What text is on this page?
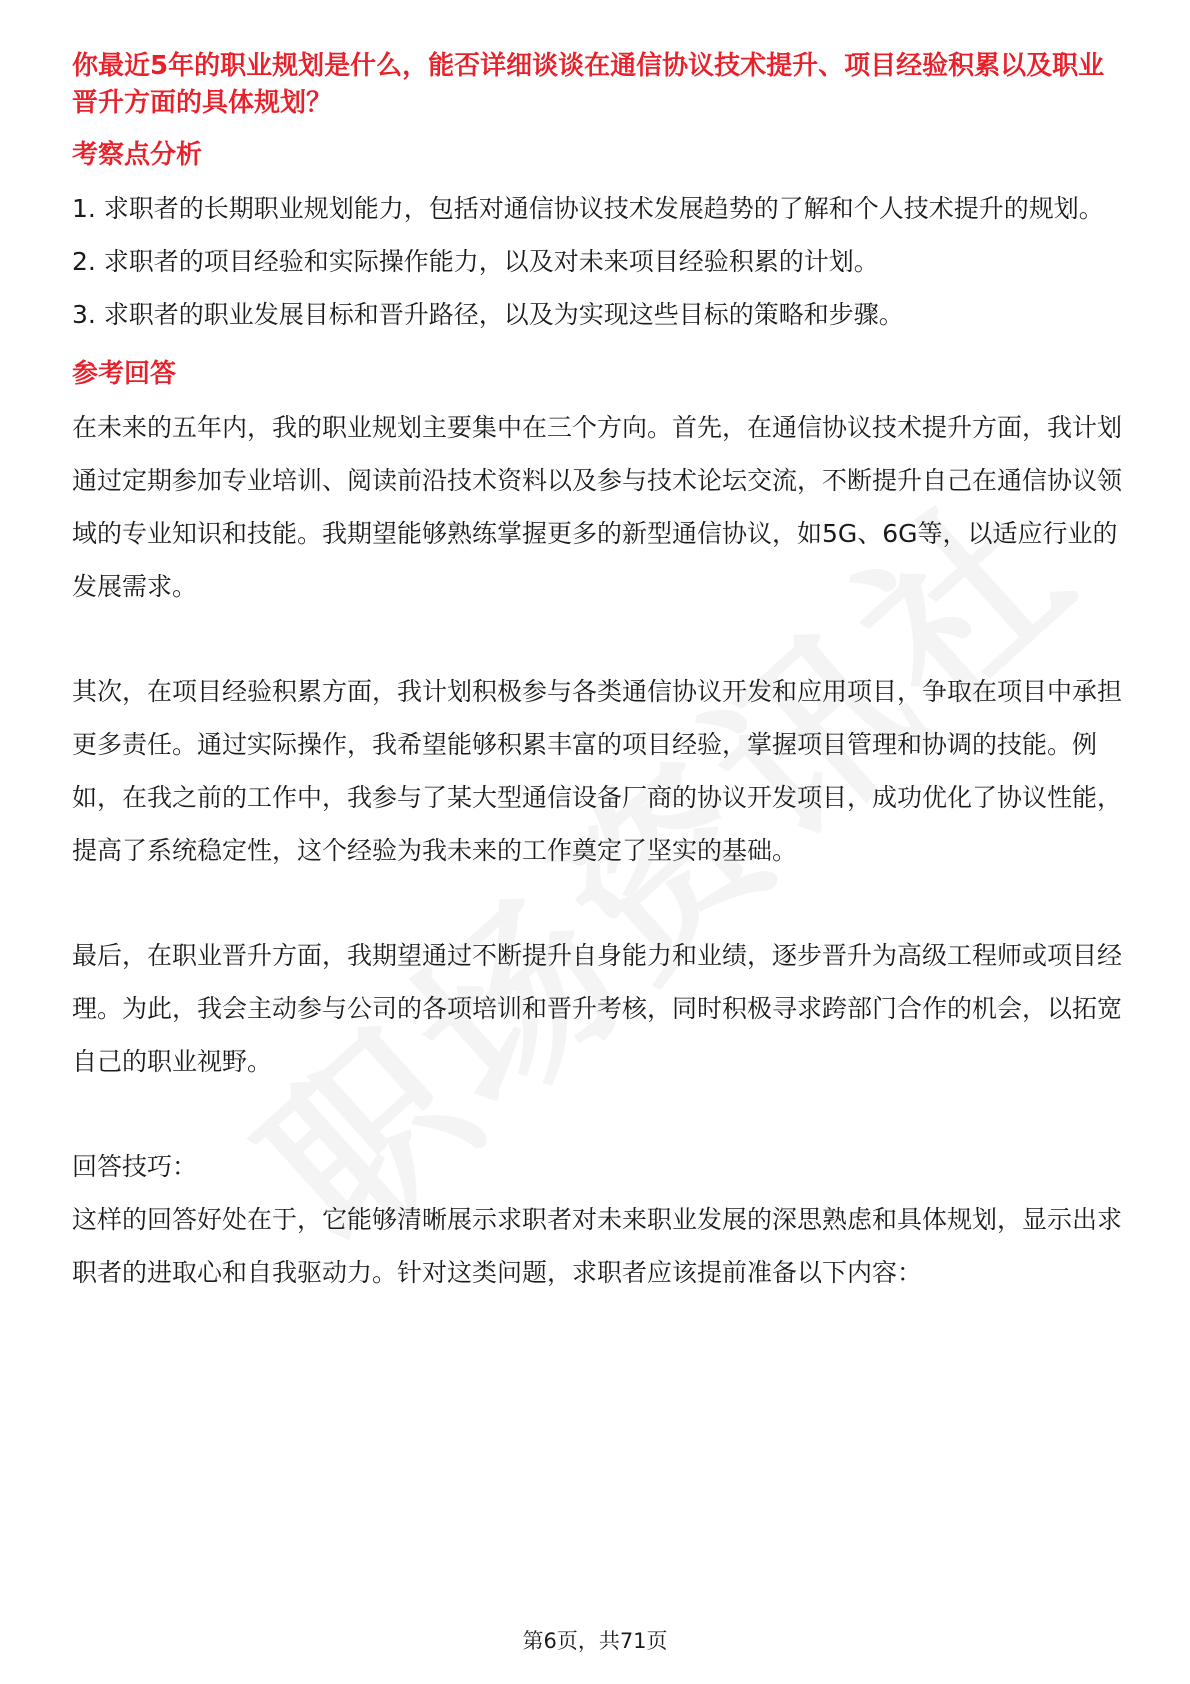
你最近5年的职业规划是什么，能否详细谈谈在通信协议技术提升、项目经验积累以及职业晋升方面的具体规划？

考察点分析

1. 求职者的长期职业规划能力，包括对通信协议技术发展趋势的了解和个人技术提升的规划。

2. 求职者的项目经验和实际操作能力，以及对未来项目经验积累的计划。

3. 求职者的职业发展目标和晋升路径，以及为实现这些目标的策略和步骤。

参考回答

在未来的五年内，我的职业规划主要集中在三个方向。首先，在通信协议技术提升方面，我计划通过定期参加专业培训、阅读前沿技术资料以及参与技术论坛交流，不断提升自己在通信协议领域的专业知识和技能。我期望能够熟练掌握更多的新型通信协议，如5G、6G等，以适应行业的发展需求。

其次，在项目经验积累方面，我计划积极参与各类通信协议开发和应用项目，争取在项目中承担更多责任。通过实际操作，我希望能够积累丰富的项目经验，掌握项目管理和协调的技能。例如，在我之前的工作中，我参与了某大型通信设备厂商的协议开发项目，成功优化了协议性能，提高了系统稳定性，这个经验为我未来的工作奠定了坚实的基础。

最后，在职业晋升方面，我期望通过不断提升自身能力和业绩，逐步晋升为高级工程师或项目经理。为此，我会主动参与公司的各项培训和晋升考核，同时积极寻求跨部门合作的机会，以拓宽自己的职业视野。

回答技巧：

这样的回答好处在于，它能够清晰展示求职者对未来职业发展的深思熟虑和具体规划，显示出求职者的进取心和自我驱动力。针对这类问题，求职者应该提前准备以下内容：

第6页，共71页
